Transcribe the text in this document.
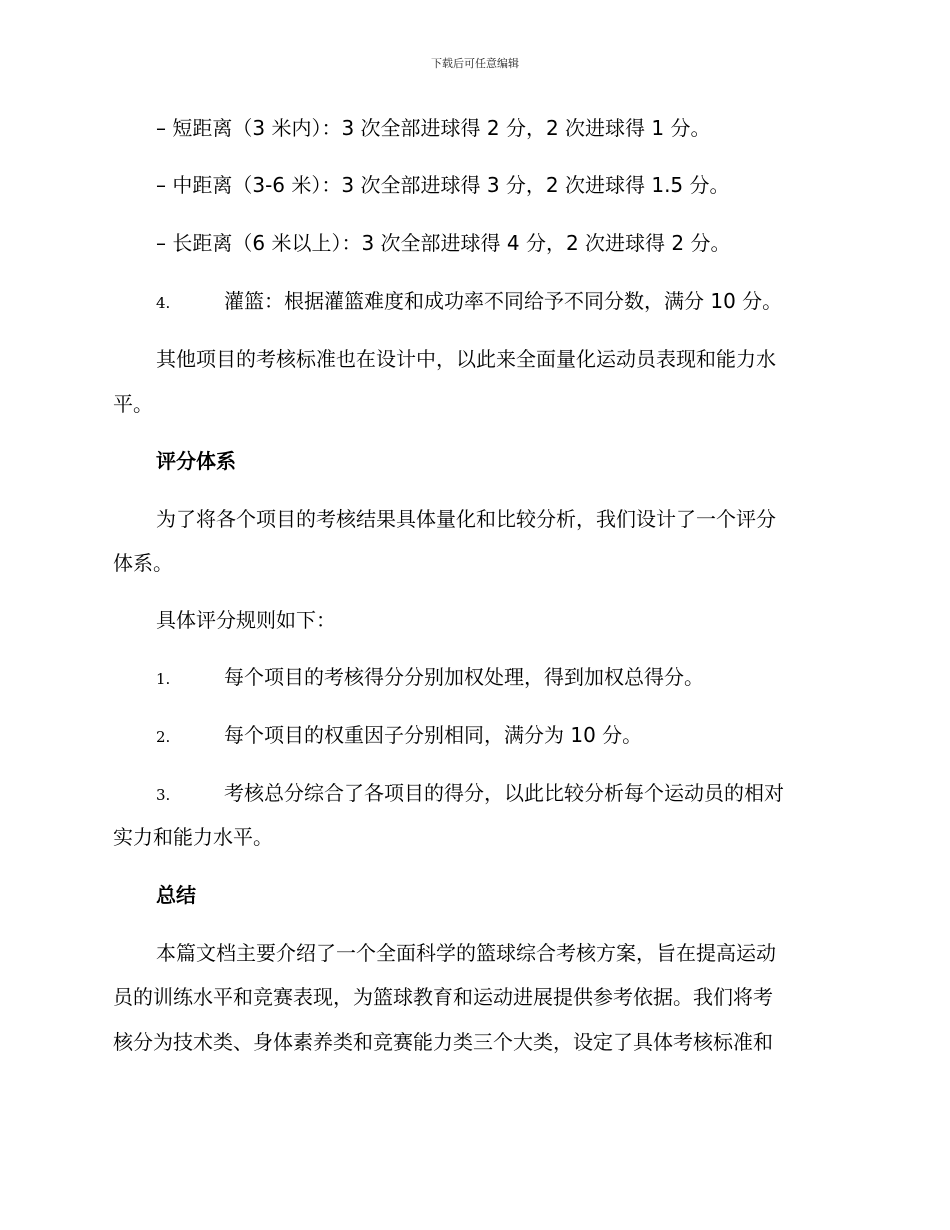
下载后可任意编辑
– 短距离（3 米内）：3 次全部进球得 2 分，2 次进球得 1 分。
– 中距离（3-6 米）：3 次全部进球得 3 分，2 次进球得 1.5 分。
– 长距离（6 米以上）：3 次全部进球得 4 分，2 次进球得 2 分。
4.	灌篮：根据灌篮难度和成功率不同给予不同分数，满分 10 分。
其他项目的考核标准也在设计中，以此来全面量化运动员表现和能力水
平。
评分体系
为了将各个项目的考核结果具体量化和比较分析，我们设计了一个评分
体系。
具体评分规则如下：
1.	每个项目的考核得分分别加权处理，得到加权总得分。
2.	每个项目的权重因子分别相同，满分为 10 分。
3.	考核总分综合了各项目的得分，以此比较分析每个运动员的相对
实力和能力水平。
总结
本篇文档主要介绍了一个全面科学的篮球综合考核方案，旨在提高运动
员的训练水平和竞赛表现，为篮球教育和运动进展提供参考依据。我们将考
核分为技术类、身体素养类和竞赛能力类三个大类，设定了具体考核标准和
